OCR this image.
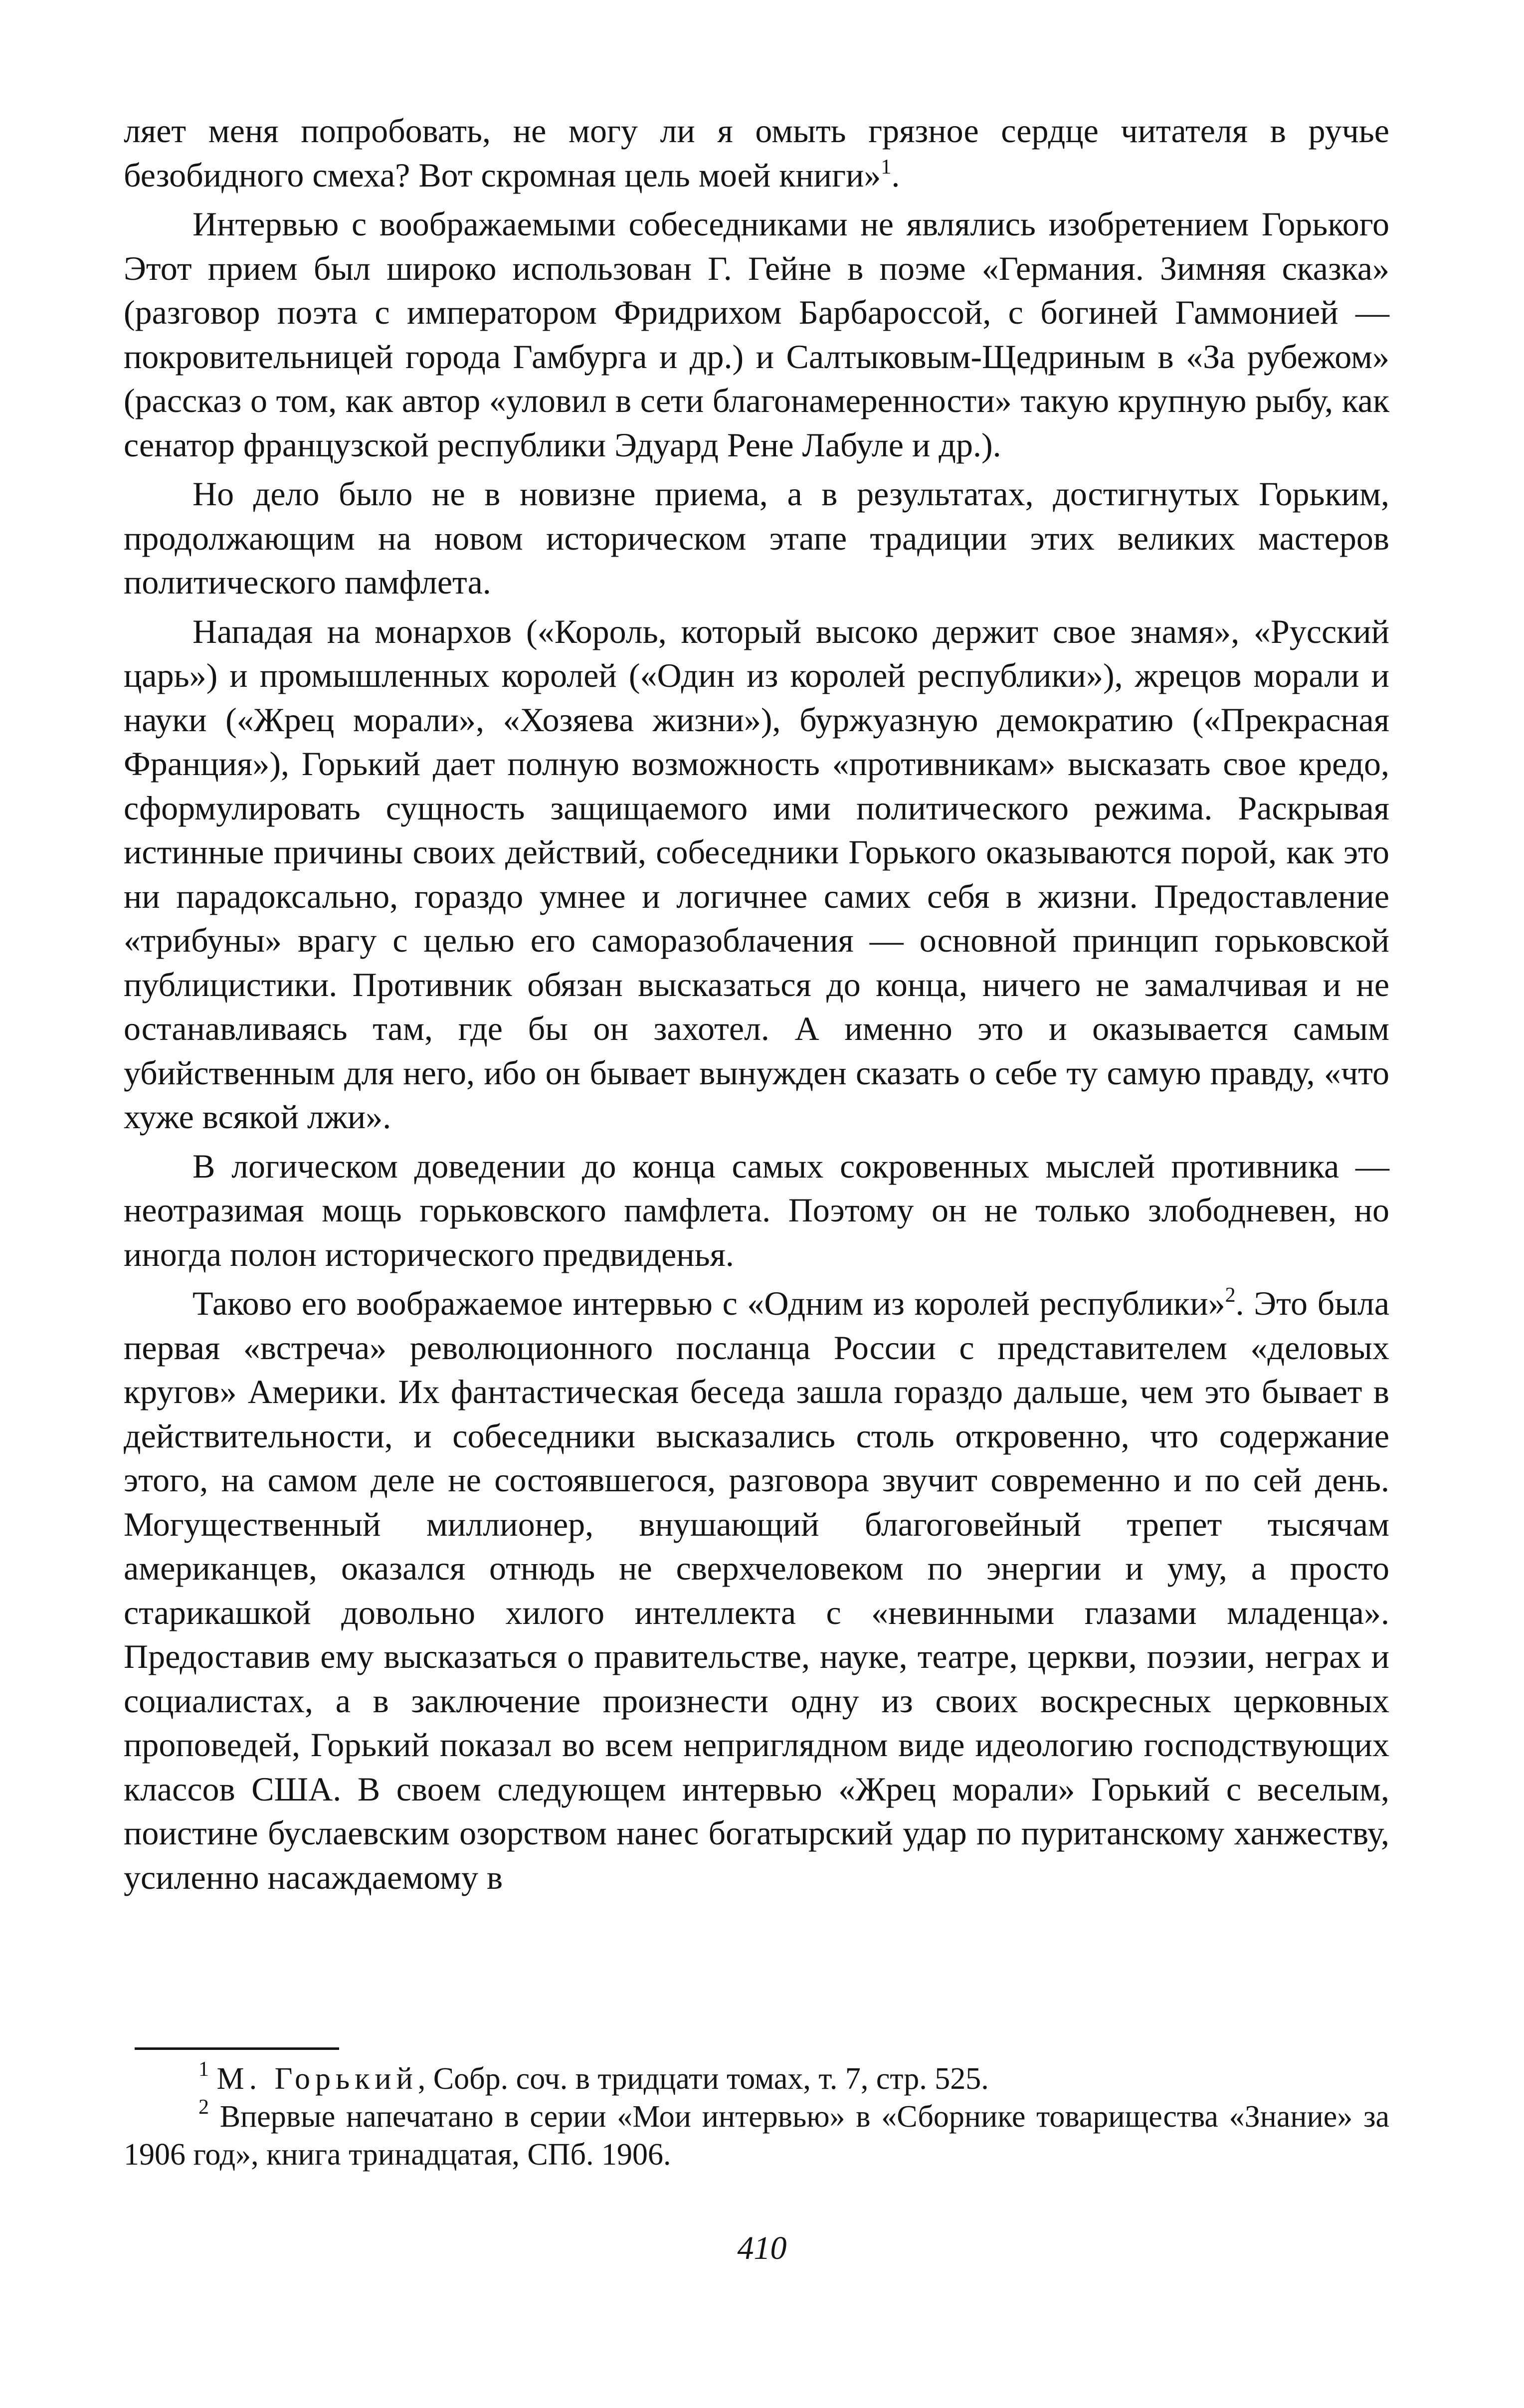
ляет меня попробовать, не могу ли я омыть грязное сердце читателя в ручье безобидного смеха? Вот скромная цель моей книги»$^1$.

Интервью с воображаемыми собеседниками не являлись изобретением Горького Этот прием был широко использован Г. Гейне в поэме «Германия. Зимняя сказка» (разговор поэта с императором Фридрихом Барбароссой, с богиней Гаммонией — покровительницей города Гамбурга и др.) и Салтыковым-Щедриным в «За рубежом» (рассказ о том, как автор «уловил в сети благонамеренности» такую крупную рыбу, как сенатор французской республики Эдуард Рене Лабуле и др.).

Но дело было не в новизне приема, а в результатах, достигнутых Горьким, продолжающим на новом историческом этапе традиции этих великих мастеров политического памфлета.

Нападая на монархов («Король, который высоко держит свое знамя», «Русский царь») и промышленных королей («Один из королей республики»), жрецов морали и науки («Жрец морали», «Хозяева жизни»), буржуазную демократию («Прекрасная Франция»), Горький дает полную возможность «противникам» высказать свое кредо, сформулировать сущность защищаемого ими политического режима. Раскрывая истинные причины своих действий, собеседники Горького оказываются порой, как это ни парадоксально, гораздо умнее и логичнее самих себя в жизни. Предоставление «трибуны» врагу с целью его саморазоблачения — основной принцип горьковской публицистики. Противник обязан высказаться до конца, ничего не замалчивая и не останавливаясь там, где бы он захотел. А именно это и оказывается самым убийственным для него, ибо он бывает вынужден сказать о себе ту самую правду, «что хуже всякой лжи».

В логическом доведении до конца самых сокровенных мыслей противника — неотразимая мощь горьковского памфлета. Поэтому он не только злободневен, но иногда полон исторического предвиденья.

Таково его воображаемое интервью с «Одним из королей республики»$^2$. Это была первая «встреча» революционного посланца России с представителем «деловых кругов» Америки. Их фантастическая беседа зашла гораздо дальше, чем это бывает в действительности, и собеседники высказались столь откровенно, что содержание этого, на самом деле не состоявшегося, разговора звучит современно и по сей день. Могущественный миллионер, внушающий благоговейный трепет тысячам американцев, оказался отнюдь не сверхчеловеком по энергии и уму, а просто старикашкой довольно хилого интеллекта с «невинными глазами младенца». Предоставив ему высказаться о правительстве, науке, театре, церкви, поэзии, неграх и социалистах, а в заключение произнести одну из своих воскресных церковных проповедей, Горький показал во всем неприглядном виде идеологию господствующих классов США. В своем следующем интервью «Жрец морали» Горький с веселым, поистине буслаевским озорством нанес богатырский удар по пуританскому ханжеству, усиленно насаждаемому в

$^1$ М. Горький, Собр. соч. в тридцати томах, т. 7, стр. 525.

$^2$ Впервые напечатано в серии «Мои интервью» в «Сборнике товарищества «Знание» за 1906 год», книга тринадцатая, СПб. 1906.

410
